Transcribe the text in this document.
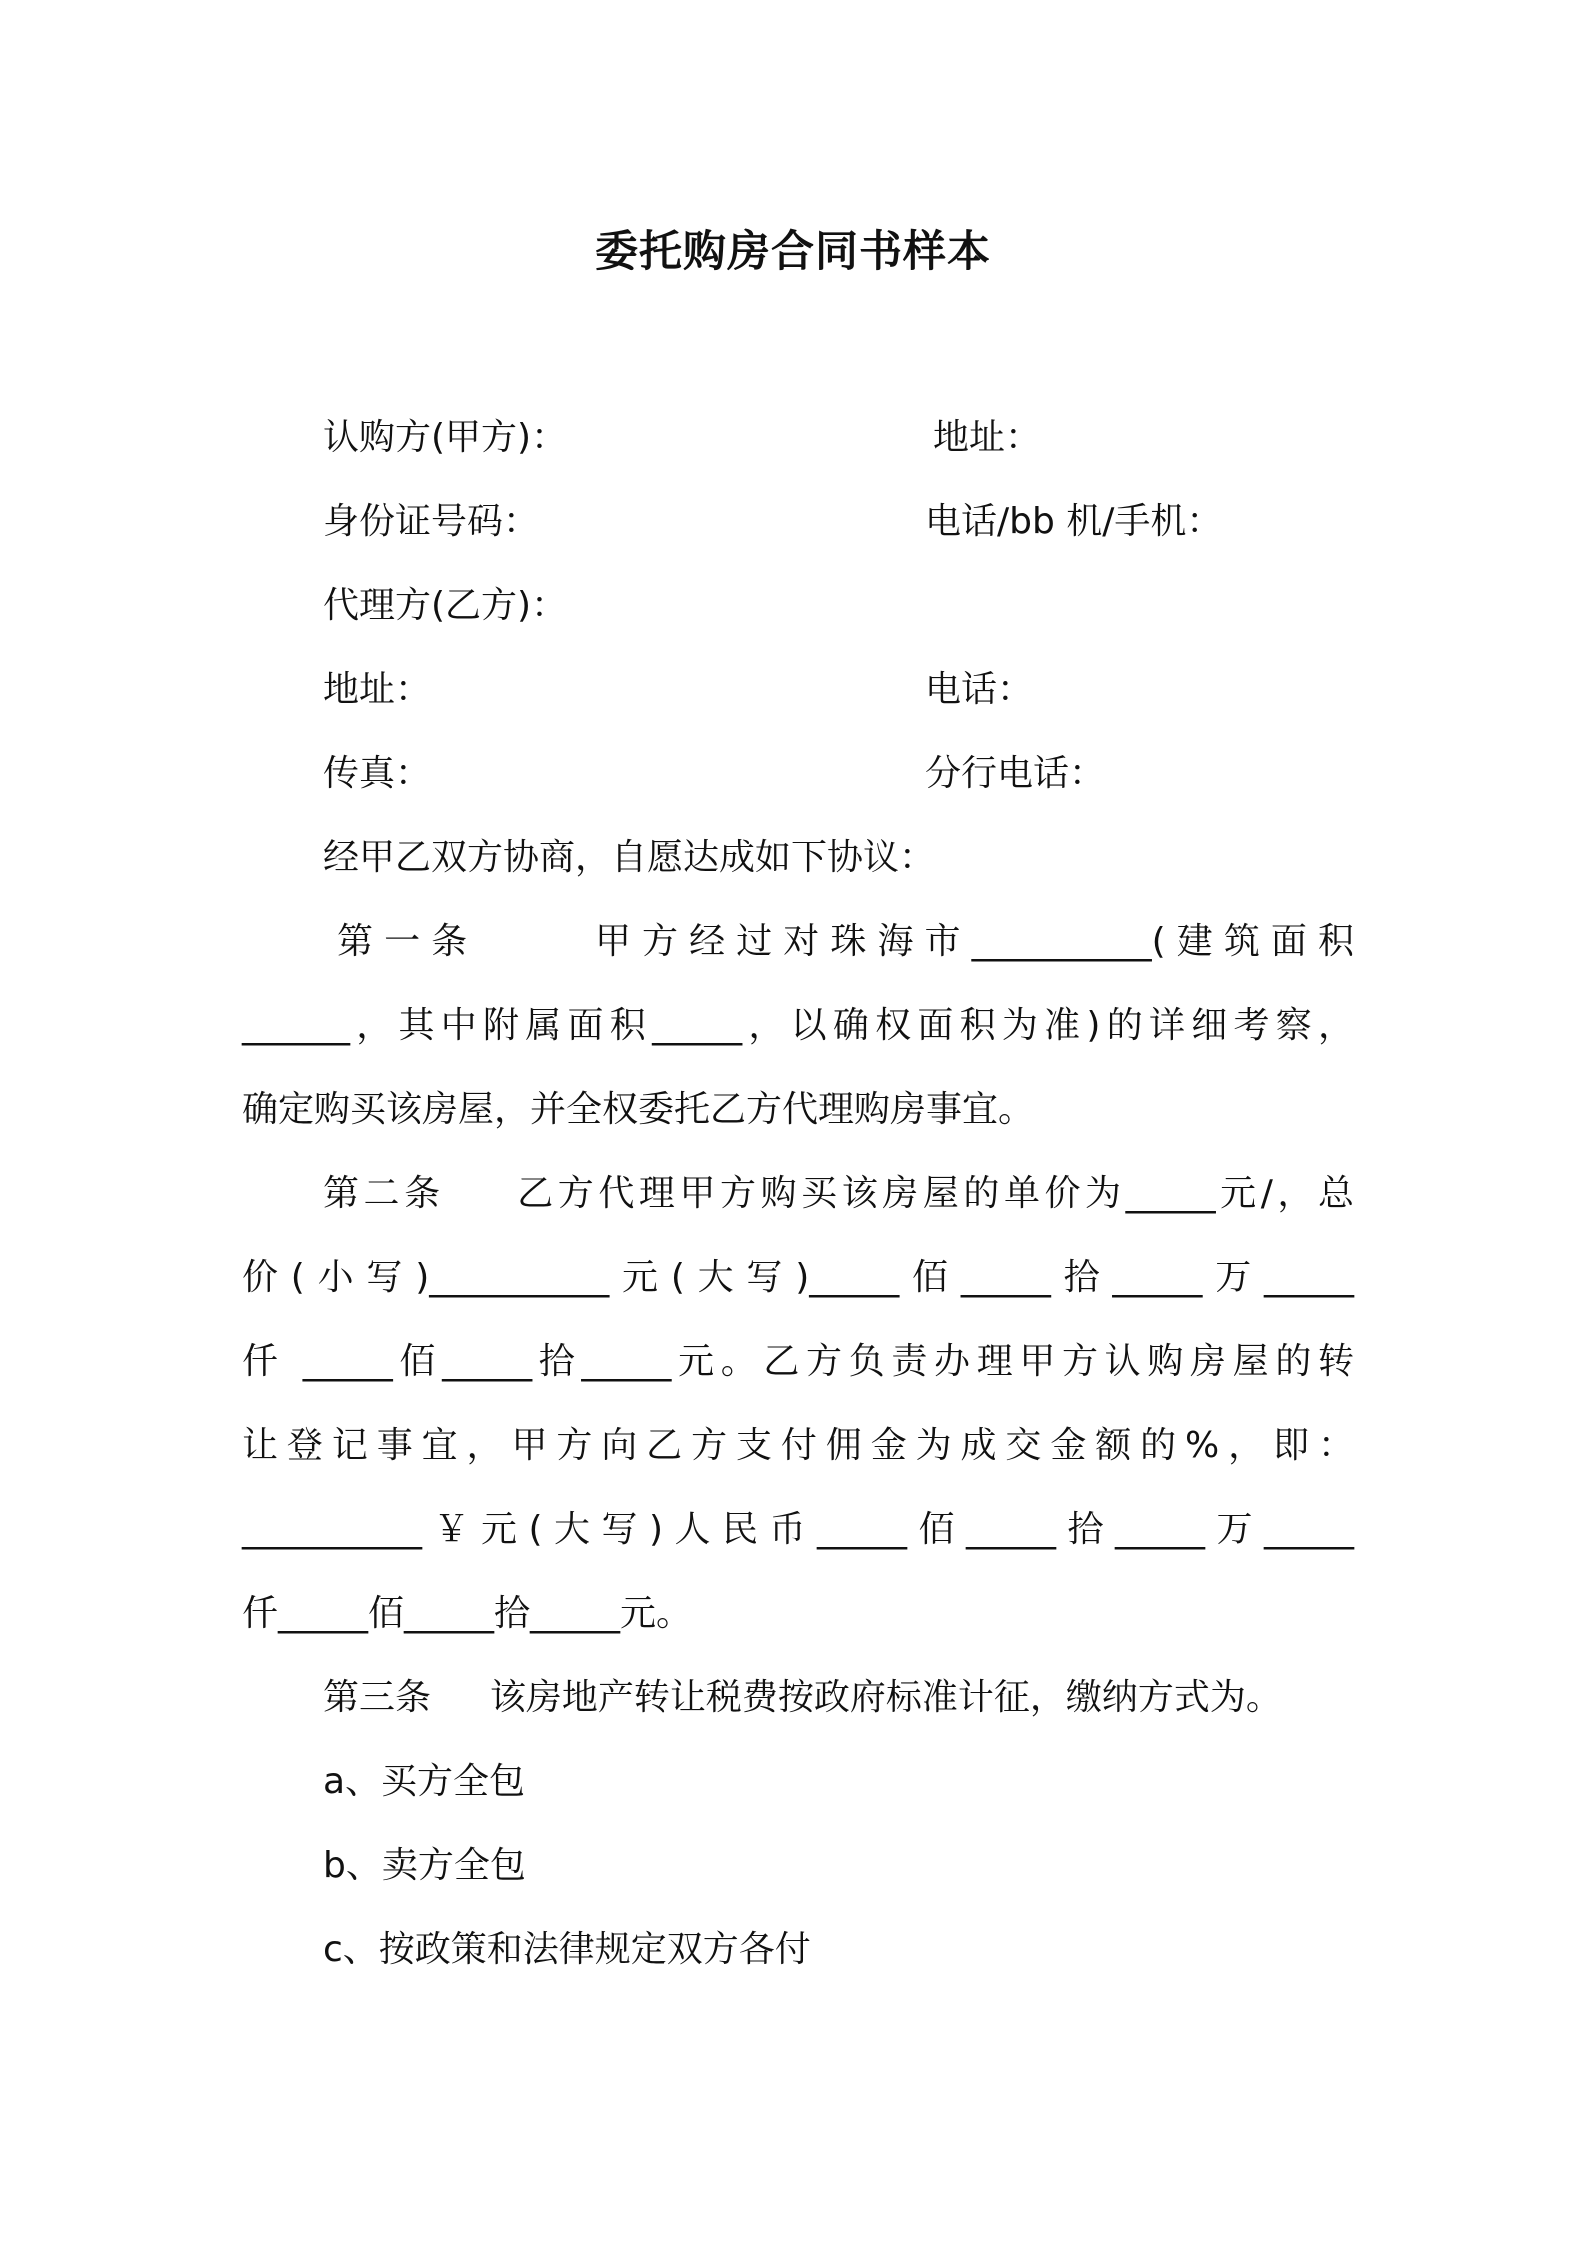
委托购房合同书样本
认购方(甲方)：	地址：
身份证号码：	电话/bb 机/手机：
代理方(乙方)：
地址：	电话：
传真：	分行电话：
经甲乙双方协商，自愿达成如下协议：
第一条 　　甲方经过对珠海市__________(建筑面积
______，其中附属面积_____，以确权面积为准)的详细考察，
确定购买该房屋，并全权委托乙方代理购房事宜。
第二条 　 乙方代理甲方购买该房屋的单价为_____元/，总
价(小写)__________元(大写)_____佰_____拾_____万_____
仟 _____佰_____拾_____元。乙方负责办理甲方认购房屋的转
让登记事宜，甲方向乙方支付佣金为成交金额的%，即：
__________￥元(大写)人民币_____佰_____拾_____万_____
仟_____佰_____拾_____元。
第三条 　 该房地产转让税费按政府标准计征，缴纳方式为。
a、买方全包
b、卖方全包
c、按政策和法律规定双方各付
